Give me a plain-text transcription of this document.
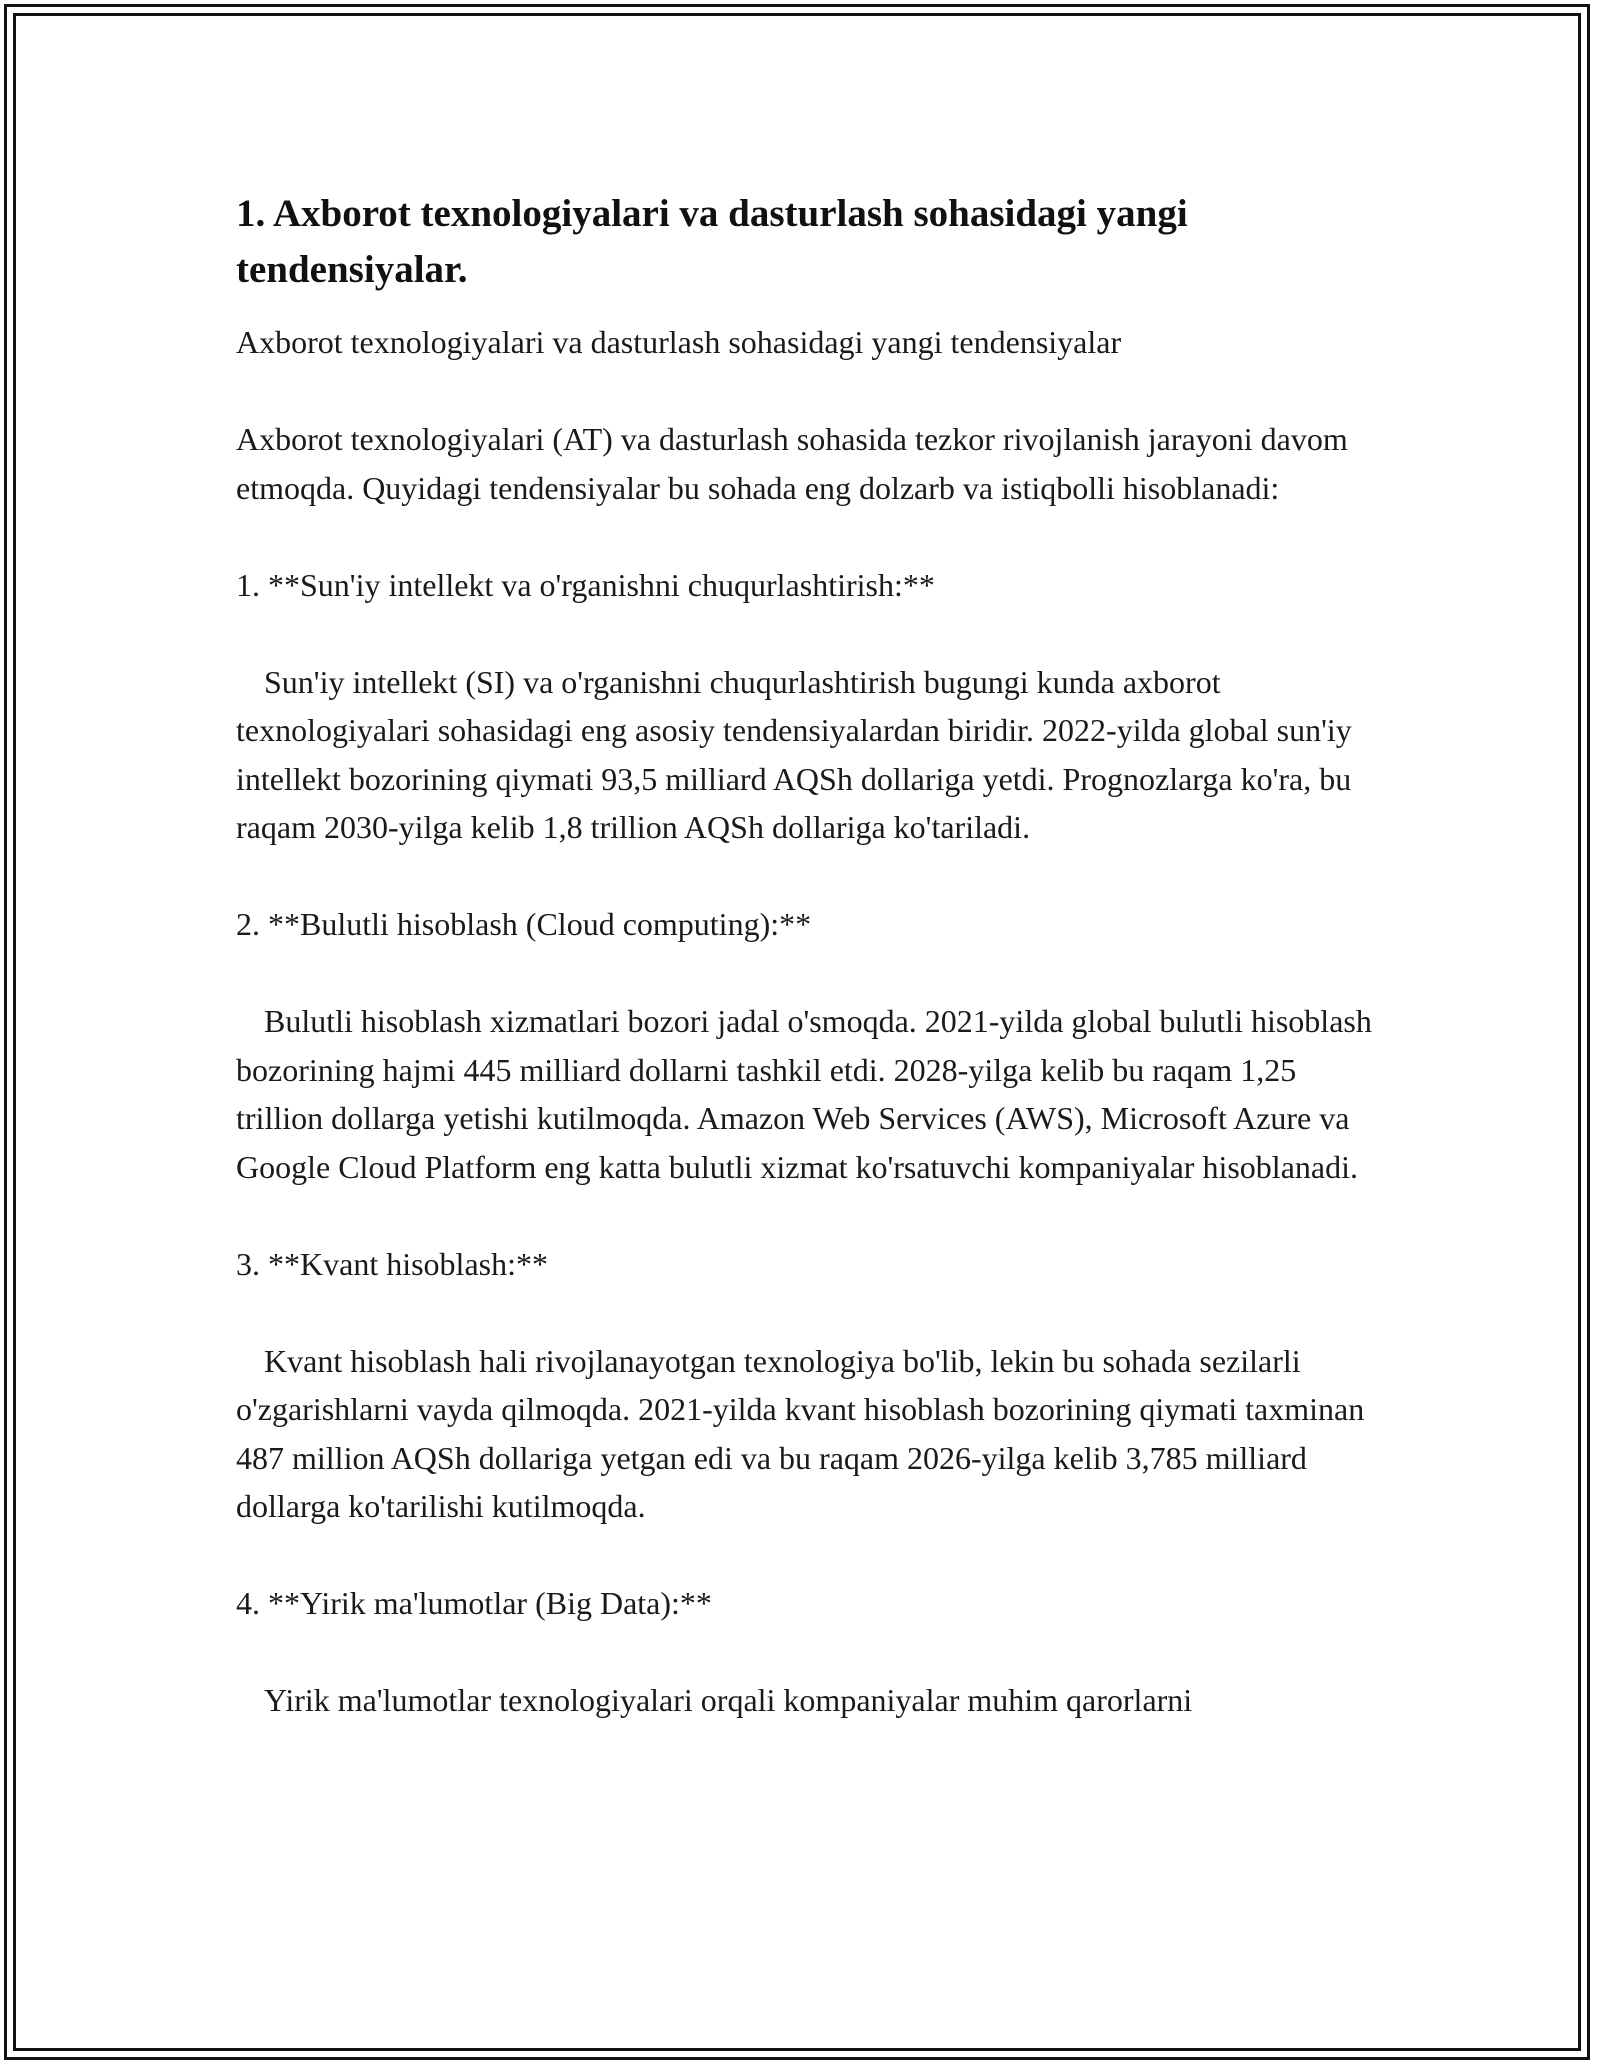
1. Axborot texnologiyalari va dasturlash sohasidagi yangi tendensiyalar.

Axborot texnologiyalari va dasturlash sohasidagi yangi tendensiyalar

Axborot texnologiyalari (AT) va dasturlash sohasida tezkor rivojlanish jarayoni davom etmoqda. Quyidagi tendensiyalar bu sohada eng dolzarb va istiqbolli hisoblanadi:

1. **Sun'iy intellekt va o'rganishni chuqurlashtirish:**

Sun'iy intellekt (SI) va o'rganishni chuqurlashtirish bugungi kunda axborot texnologiyalari sohasidagi eng asosiy tendensiyalardan biridir. 2022-yilda global sun'iy intellekt bozorining qiymati 93,5 milliard AQSh dollariga yetdi. Prognozlarga ko'ra, bu raqam 2030-yilga kelib 1,8 trillion AQSh dollariga ko'tariladi.

2. **Bulutli hisoblash (Cloud computing):**

Bulutli hisoblash xizmatlari bozori jadal o'smoqda. 2021-yilda global bulutli hisoblash bozorining hajmi 445 milliard dollarni tashkil etdi. 2028-yilga kelib bu raqam 1,25 trillion dollarga yetishi kutilmoqda. Amazon Web Services (AWS), Microsoft Azure va Google Cloud Platform eng katta bulutli xizmat ko'rsatuvchi kompaniyalar hisoblanadi.

3. **Kvant hisoblash:**

Kvant hisoblash hali rivojlanayotgan texnologiya bo'lib, lekin bu sohada sezilarli o'zgarishlarni vayda qilmoqda. 2021-yilda kvant hisoblash bozorining qiymati taxminan 487 million AQSh dollariga yetgan edi va bu raqam 2026-yilga kelib 3,785 milliard dollarga ko'tarilishi kutilmoqda.

4. **Yirik ma'lumotlar (Big Data):**

Yirik ma'lumotlar texnologiyalari orqali kompaniyalar muhim qarorlarni
